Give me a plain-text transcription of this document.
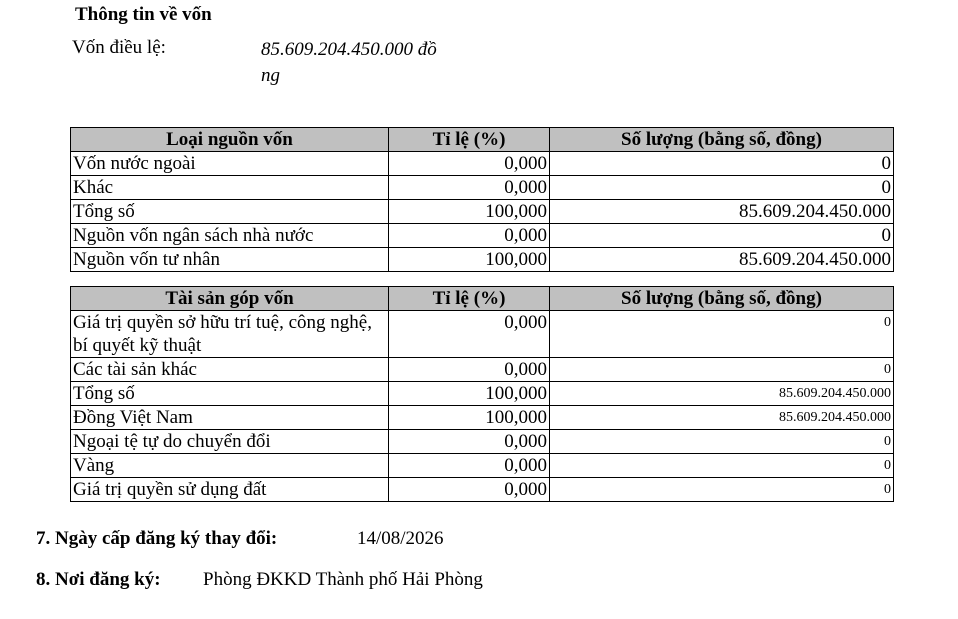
Thông tin về vốn
Vốn điều lệ:	85.609.204.450.000 đồng
Loại nguồn vốn	Tỉ lệ (%)	Số lượng (bằng số, đồng)
Vốn nước ngoài	0,000	0
Khác	0,000	0
Tổng số	100,000	85.609.204.450.000
Nguồn vốn ngân sách nhà nước	0,000	0
Nguồn vốn tư nhân	100,000	85.609.204.450.000
Tài sản góp vốn	Tỉ lệ (%)	Số lượng (bằng số, đồng)
Giá trị quyền sở hữu trí tuệ, công nghệ, bí quyết kỹ thuật	0,000	0
Các tài sản khác	0,000	0
Tổng số	100,000	85.609.204.450.000
Đồng Việt Nam	100,000	85.609.204.450.000
Ngoại tệ tự do chuyển đổi	0,000	0
Vàng	0,000	0
Giá trị quyền sử dụng đất	0,000	0
7. Ngày cấp đăng ký thay đổi:	14/08/2026
8. Nơi đăng ký: Phòng ĐKKD Thành phố Hải Phòng
